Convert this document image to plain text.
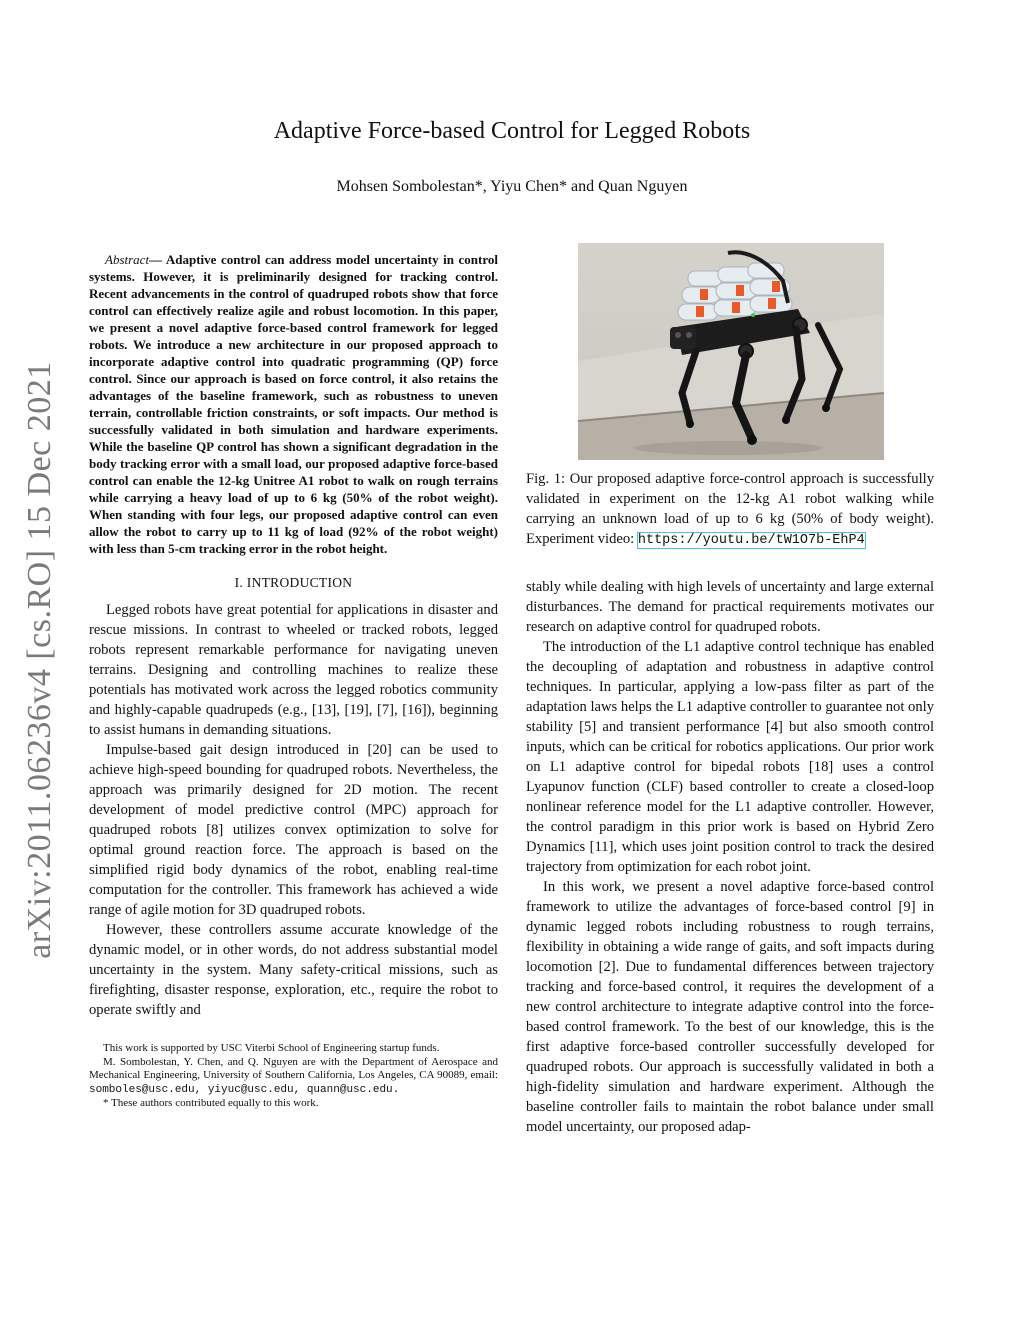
arXiv:2011.06236v4 [cs.RO] 15 Dec 2021
Adaptive Force-based Control for Legged Robots
Mohsen Sombolestan*, Yiyu Chen* and Quan Nguyen

Abstract— Adaptive control can address model uncertainty in control systems. However, it is preliminarily designed for tracking control. Recent advancements in the control of quadruped robots show that force control can effectively realize agile and robust locomotion. In this paper, we present a novel adaptive force-based control framework for legged robots. We introduce a new architecture in our proposed approach to incorporate adaptive control into quadratic programming (QP) force control. Since our approach is based on force control, it also retains the advantages of the baseline framework, such as robustness to uneven terrain, controllable friction constraints, or soft impacts. Our method is successfully validated in both simulation and hardware experiments. While the baseline QP control has shown a significant degradation in the body tracking error with a small load, our proposed adaptive force-based control can enable the 12-kg Unitree A1 robot to walk on rough terrains while carrying a heavy load of up to 6 kg (50% of the robot weight). When standing with four legs, our proposed adaptive control can even allow the robot to carry up to 11 kg of load (92% of the robot weight) with less than 5-cm tracking error in the robot height.

I. INTRODUCTION

Legged robots have great potential for applications in disaster and rescue missions. In contrast to wheeled or tracked robots, legged robots represent remarkable performance for navigating uneven terrains. Designing and controlling machines to realize these potentials has motivated work across the legged robotics community and highly-capable quadrupeds (e.g., [13], [19], [7], [16]), beginning to assist humans in demanding situations.

Impulse-based gait design introduced in [20] can be used to achieve high-speed bounding for quadruped robots. Nevertheless, the approach was primarily designed for 2D motion. The recent development of model predictive control (MPC) approach for quadruped robots [8] utilizes convex optimization to solve for optimal ground reaction force. The approach is based on the simplified rigid body dynamics of the robot, enabling real-time computation for the controller. This framework has achieved a wide range of agile motion for 3D quadruped robots.

However, these controllers assume accurate knowledge of the dynamic model, or in other words, do not address substantial model uncertainty in the system. Many safety-critical missions, such as firefighting, disaster response, exploration, etc., require the robot to operate swiftly and

This work is supported by USC Viterbi School of Engineering startup funds.

M. Sombolestan, Y. Chen, and Q. Nguyen are with the Department of Aerospace and Mechanical Engineering, University of Southern California, Los Angeles, CA 90089, email: somboles@usc.edu, yiyuc@usc.edu, quann@usc.edu.

* These authors contributed equally to this work.

Fig. 1: Our proposed adaptive force-control approach is successfully validated in experiment on the 12-kg A1 robot walking while carrying an unknown load of up to 6 kg (50% of body weight). Experiment video: https://youtu.be/tW1O7b-EhP4

stably while dealing with high levels of uncertainty and large external disturbances. The demand for practical requirements motivates our research on adaptive control for quadruped robots.

The introduction of the L1 adaptive control technique has enabled the decoupling of adaptation and robustness in adaptive control techniques. In particular, applying a low-pass filter as part of the adaptation laws helps the L1 adaptive controller to guarantee not only stability [5] and transient performance [4] but also smooth control inputs, which can be critical for robotics applications. Our prior work on L1 adaptive control for bipedal robots [18] uses a control Lyapunov function (CLF) based controller to create a closed-loop nonlinear reference model for the L1 adaptive controller. However, the control paradigm in this prior work is based on Hybrid Zero Dynamics [11], which uses joint position control to track the desired trajectory from optimization for each robot joint.

In this work, we present a novel adaptive force-based control framework to utilize the advantages of force-based control [9] in dynamic legged robots including robustness to rough terrains, flexibility in obtaining a wide range of gaits, and soft impacts during locomotion [2]. Due to fundamental differences between trajectory tracking and force-based control, it requires the development of a new control architecture to integrate adaptive control into the force-based control framework. To the best of our knowledge, this is the first adaptive force-based controller successfully developed for quadruped robots. Our approach is successfully validated in both a high-fidelity simulation and hardware experiment. Although the baseline controller fails to maintain the robot balance under small model uncertainty, our proposed adap-
